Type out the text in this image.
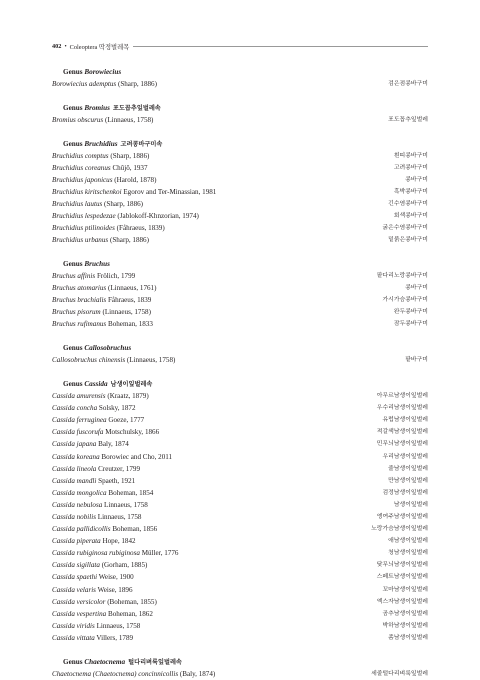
402 • Coleoptera 딱정벌레목
Genus Borowiecius
Borowiecius ademptus (Sharp, 1886)	검은점콩바구미
Genus Bromius 포도꼽추잎벌레속
Bromius obscurus (Linnaeus, 1758)	포도꼽추잎벌레
Genus Bruchidius 고려콩바구미속
Bruchidius comptus (Sharp, 1886)	흰띠콩바구미
Bruchidius coreanus Chûjô, 1937	고려콩바구미
Bruchidius japonicus (Harold, 1878)	콩바구미
Bruchidius kiritschenkoi Egorov and Ter-Minassian, 1981	흑박콩바구미
Bruchidius lautus (Sharp, 1886)	긴수염콩바구미
Bruchidius lespedezae (Jablokoff-Khnzorian, 1974)	회색콩바구미
Bruchidius ptilinoides (Fåhraeus, 1839)	굵은수염콩바구미
Bruchidius urbanus (Sharp, 1886)	밑붉은콩바구미
Genus Bruchus
Bruchus affinis Frölich, 1799	팥다리노랑콩바구미
Bruchus atomarius (Linnaeus, 1761)	콩바구미
Bruchus brachialis Fåhraeus, 1839	가시가슴콩바구미
Bruchus pisorum (Linnaeus, 1758)	완두콩바구미
Bruchus rufimanus Boheman, 1833	잠두콩바구미
Genus Callosobruchus
Callosobruchus chinensis (Linnaeus, 1758)	팥바구미
Genus Cassida 남생이잎벌레속
Cassida amurensis (Kraatz, 1879)	아무르남생이잎벌레
Cassida concha Solsky, 1872	우수리남생이잎벌레
Cassida ferruginea Goeze, 1777	유럽남생이잎벌레
Cassida fuscorufa Motschulsky, 1866	적갈색남생이잎벌레
Cassida japana Baly, 1874	민무늬남생이잎벌레
Cassida koreana Borowiec and Cho, 2011	우리남생이잎벌레
Cassida lineola Creutzer, 1799	줄남생이잎벌레
Cassida mandli Spaeth, 1921	만남생이잎벌레
Cassida mongolica Boheman, 1854	검정남생이잎벌레
Cassida nebulosa Linnaeus, 1758	남생이잎벌레
Cassida nobilis Linnaeus, 1758	엥여주남생이잎벌레
Cassida pallidicollis Boheman, 1856	노랑가슴남생이잎벌레
Cassida piperata Hope, 1842	애남생이잎벌레
Cassida rubiginosa rubiginosa Müller, 1776	청남생이잎벌레
Cassida sigillata (Gorham, 1885)	닺무늬남생이잎벌레
Cassida spaethi Weise, 1900	스페트남생이잎벌레
Cassida velaris Weise, 1896	꼬마남생이잎벌레
Cassida versicolor (Boheman, 1855)	엑스자남생이잎벌레
Cassida vespertina Boheman, 1862	곰추남생이잎벌레
Cassida viridis Linnaeus, 1758	박하남생이잎벌레
Cassida vittata Villers, 1789	좀남생이잎벌레
Genus Chaetocnema 털다리벼룩잎벌레속
Chaetocnema (Chaetocnema) concinnicollis (Baly, 1874)	세줄털다리벼룩잎벌레
